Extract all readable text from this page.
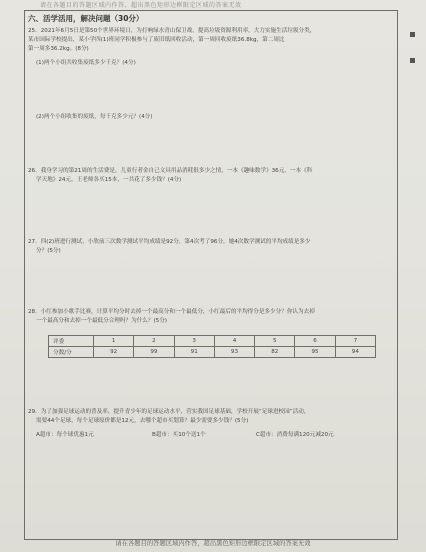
请在各题目的答题区域内作答，超出黑色矩形边框限定区域的答案无效
六、活学活用，解决问题（30分）
25．2021年6月5日是第50个世界环境日，为打响绿水青山保卫战，提高垃圾资源利用率，大力实施生活垃圾分类，
某市国际学校提出，某小学四(1)班同学积极参与了废旧纸回收活动，第一周回收废纸36.8kg，第二周比
第一周多36.2kg。(8分)
(1)两个小组共收集废纸多少千克？(4分)
(2)两个小组收集的废纸，每千克多少元？(4分)
26．我身学习的第21周的生活费是，儿童行者金自己文具用品消耗很多少之情，一本《趣味数学》36元，一本《科
学天地》24元，王老师各买15本，一共花了多少钱？(4分)
27．四(2)班进行测试，小欣前三次数学测试平均成绩是92分，第4次考了96分，她4次数学测试的平均成绩是多少
分？(5分)
28．小红参加小歌手比赛，计算平均分时去掉一个最高分和一个最低分，小红最后的平均得分是多少分？你认为去掉
一个最高分和去掉一个最低分合理吗？为什么？(5分)
评委	1	2	3	4	5	6	7
分数/分	92	99	91	93	82	95	94
29．为了加强足球运动的普及率，提升青少年的足球运动水平，营实我国足球基础，学校开展“足球进校园”活动，
需要44个足球，每个足球原价都是12元，去哪个超市买划算？最少需要多少钱？(5分)
A超市：每个球优惠1元	B超市：买10个送1个	C超市：消费每满120元减20元
请在各题目的答题区域内作答，超出黑色矩形边框限定区域的答案无效
